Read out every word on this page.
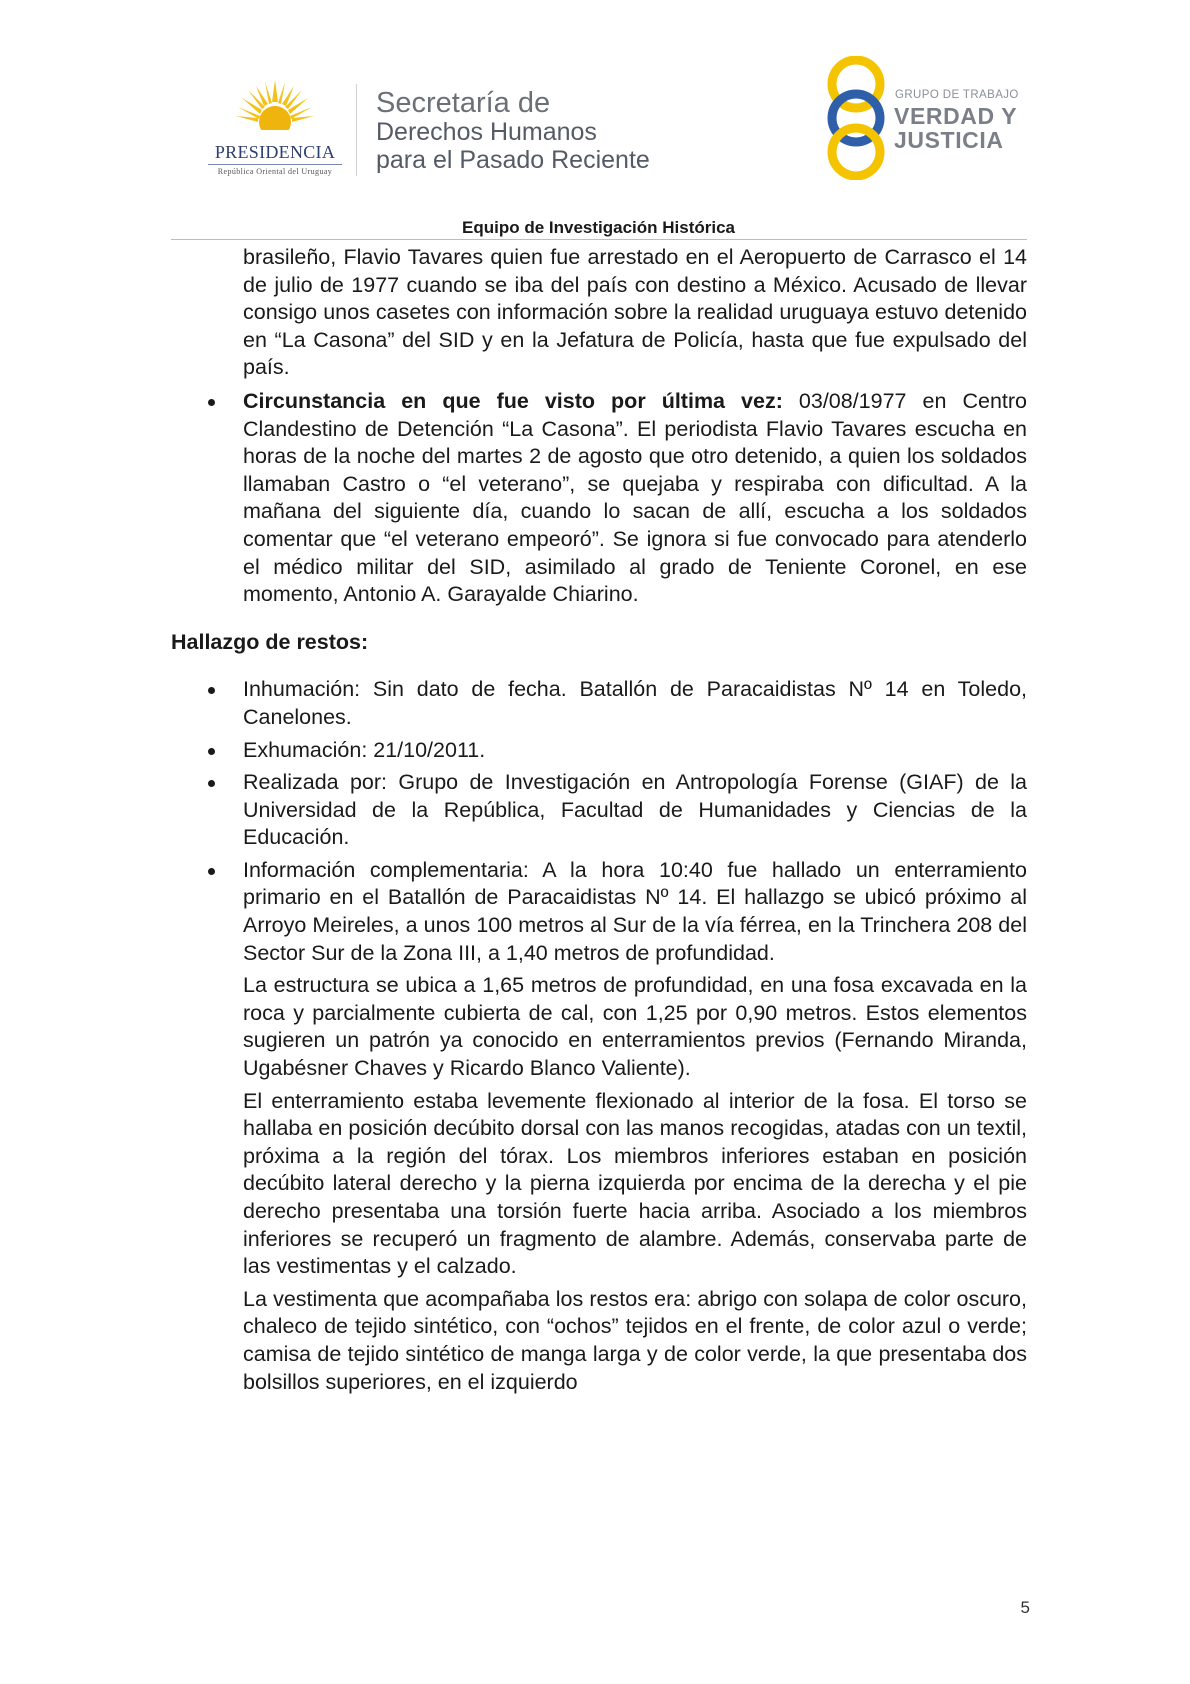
PRESIDENCIA
República Oriental del Uruguay
Secretaría de
Derechos Humanos
para el Pasado Reciente
GRUPO DE TRABAJO
VERDAD Y
JUSTICIA
Equipo de Investigación Histórica

brasileño, Flavio Tavares quien fue arrestado en el Aeropuerto de Carrasco el 14 de julio de 1977 cuando se iba del país con destino a México. Acusado de llevar consigo unos casetes con información sobre la realidad uruguaya estuvo detenido en “La Casona” del SID y en la Jefatura de Policía, hasta que fue expulsado del país.

Circunstancia en que fue visto por última vez: 03/08/1977 en Centro Clandestino de Detención “La Casona”. El periodista Flavio Tavares escucha en horas de la noche del martes 2 de agosto que otro detenido, a quien los soldados llamaban Castro o “el veterano”, se quejaba y respiraba con dificultad. A la mañana del siguiente día, cuando lo sacan de allí, escucha a los soldados comentar que “el veterano empeoró”. Se ignora si fue convocado para atenderlo el médico militar del SID, asimilado al grado de Teniente Coronel, en ese momento, Antonio A. Garayalde Chiarino.

Hallazgo de restos:

Inhumación: Sin dato de fecha. Batallón de Paracaidistas Nº 14 en Toledo, Canelones.
Exhumación: 21/10/2011.
Realizada por: Grupo de Investigación en Antropología Forense (GIAF) de la Universidad de la República, Facultad de Humanidades y Ciencias de la Educación.
Información complementaria: A la hora 10:40 fue hallado un enterramiento primario en el Batallón de Paracaidistas Nº 14. El hallazgo se ubicó próximo al Arroyo Meireles, a unos 100 metros al Sur de la vía férrea, en la Trinchera 208 del Sector Sur de la Zona III, a 1,40 metros de profundidad.

La estructura se ubica a 1,65 metros de profundidad, en una fosa excavada en la roca y parcialmente cubierta de cal, con 1,25 por 0,90 metros. Estos elementos sugieren un patrón ya conocido en enterramientos previos (Fernando Miranda, Ugabésner Chaves y Ricardo Blanco Valiente).

El enterramiento estaba levemente flexionado al interior de la fosa. El torso se hallaba en posición decúbito dorsal con las manos recogidas, atadas con un textil, próxima a la región del tórax. Los miembros inferiores estaban en posición decúbito lateral derecho y la pierna izquierda por encima de la derecha y el pie derecho presentaba una torsión fuerte hacia arriba. Asociado a los miembros inferiores se recuperó un fragmento de alambre. Además, conservaba parte de las vestimentas y el calzado.

La vestimenta que acompañaba los restos era: abrigo con solapa de color oscuro, chaleco de tejido sintético, con “ochos” tejidos en el frente, de color azul o verde; camisa de tejido sintético de manga larga y de color verde, la que presentaba dos bolsillos superiores, en el izquierdo

5
